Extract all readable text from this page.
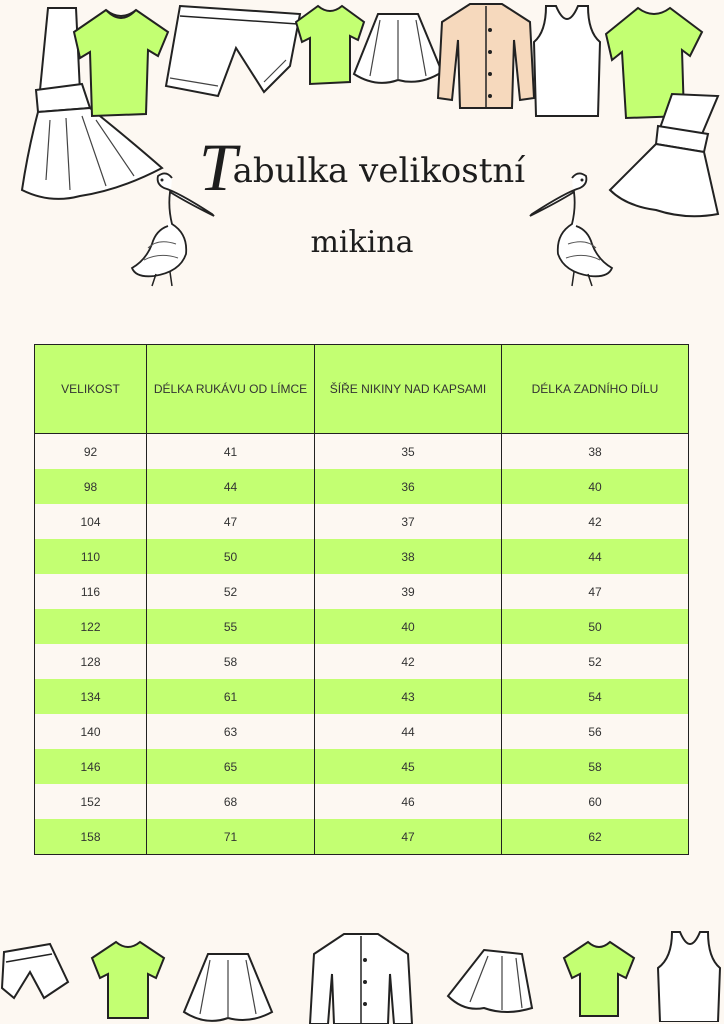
Tabulka velikostní
mikina
VELIKOST	DÉLKA RUKÁVU OD LÍMCE	ŠÍŘE NIKINY NAD KAPSAMI	DÉLKA ZADNÍHO DÍLU
92	41	35	38
98	44	36	40
104	47	37	42
110	50	38	44
116	52	39	47
122	55	40	50
128	58	42	52
134	61	43	54
140	63	44	56
146	65	45	58
152	68	46	60
158	71	47	62
